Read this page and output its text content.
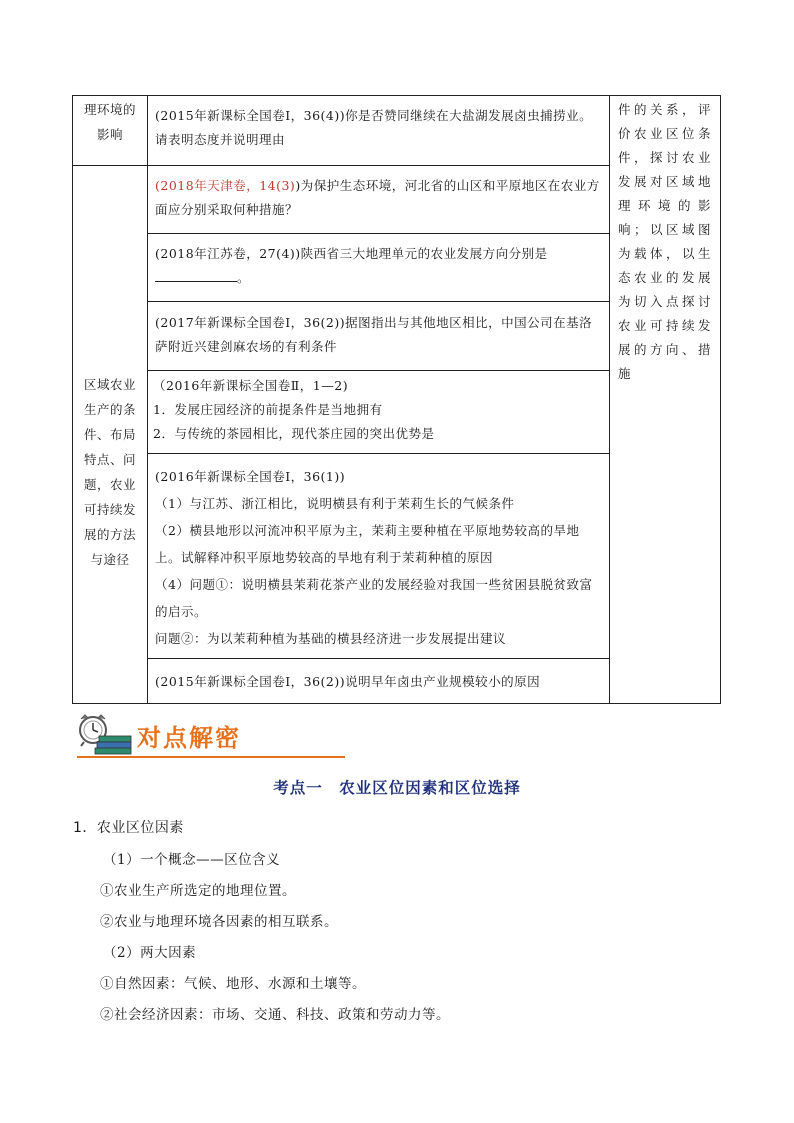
理环境的影响
区域农业生产的条件、布局特点、问题，农业可持续发展的方法与途径
件的关系，评价农业区位条件，探讨农业发展对区域地理环境的影响；以区域图为载体，以生态农业的发展为切入点探讨农业可持续发展的方向、措施
(2015年新课标全国卷Ⅰ，36(4))你是否赞同继续在大盐湖发展卤虫捕捞业。请表明态度并说明理由
(2018年天津卷，14(3))为保护生态环境，河北省的山区和平原地区在农业方面应分别采取何种措施？
(2018年江苏卷，27(4))陕西省三大地理单元的农业发展方向分别是
。
(2017年新课标全国卷Ⅰ，36(2))据图指出与其他地区相比，中国公司在基洛萨附近兴建剑麻农场的有利条件
（2016年新课标全国卷Ⅱ，1—2)
1．发展庄园经济的前提条件是当地拥有
2．与传统的茶园相比，现代茶庄园的突出优势是
(2016年新课标全国卷Ⅰ，36(1))
（1）与江苏、浙江相比，说明横县有利于茉莉生长的气候条件
（2）横县地形以河流冲积平原为主，茉莉主要种植在平原地势较高的旱地上。试解释冲积平原地势较高的旱地有利于茉莉种植的原因
（4）问题①：说明横县茉莉花茶产业的发展经验对我国一些贫困县脱贫致富的启示。
问题②：为以茉莉种植为基础的横县经济进一步发展提出建议
(2015年新课标全国卷Ⅰ，36(2))说明早年卤虫产业规模较小的原因
对点解密
考点一　农业区位因素和区位选择
1．农业区位因素
（1）一个概念——区位含义
①农业生产所选定的地理位置。
②农业与地理环境各因素的相互联系。
（2）两大因素
①自然因素：气候、地形、水源和土壤等。
②社会经济因素：市场、交通、科技、政策和劳动力等。
